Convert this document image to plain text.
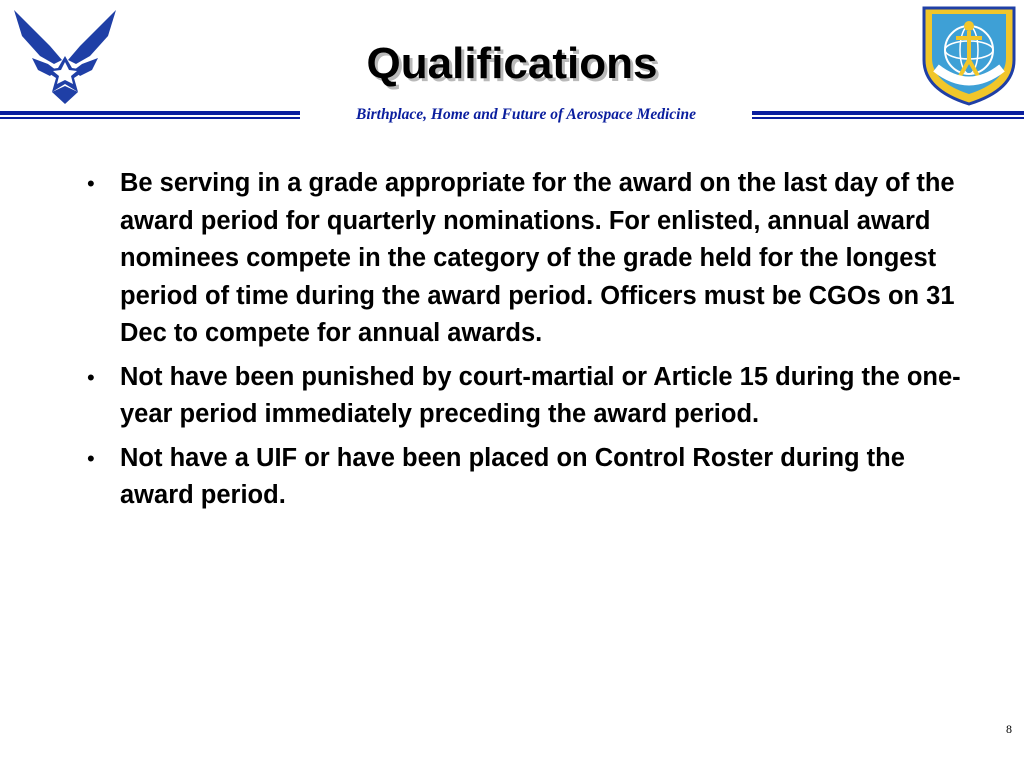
Qualifications
Birthplace, Home and Future of Aerospace Medicine
• Be serving in a grade appropriate for the award on the last day of the award period for quarterly nominations. For enlisted, annual award nominees compete in the category of the grade held for the longest period of time during the award period. Officers must be CGOs on 31 Dec to compete for annual awards.
• Not have been punished by court-martial or Article 15 during the one-year period immediately preceding the award period.
• Not have a UIF or have been placed on Control Roster during the award period.
8
